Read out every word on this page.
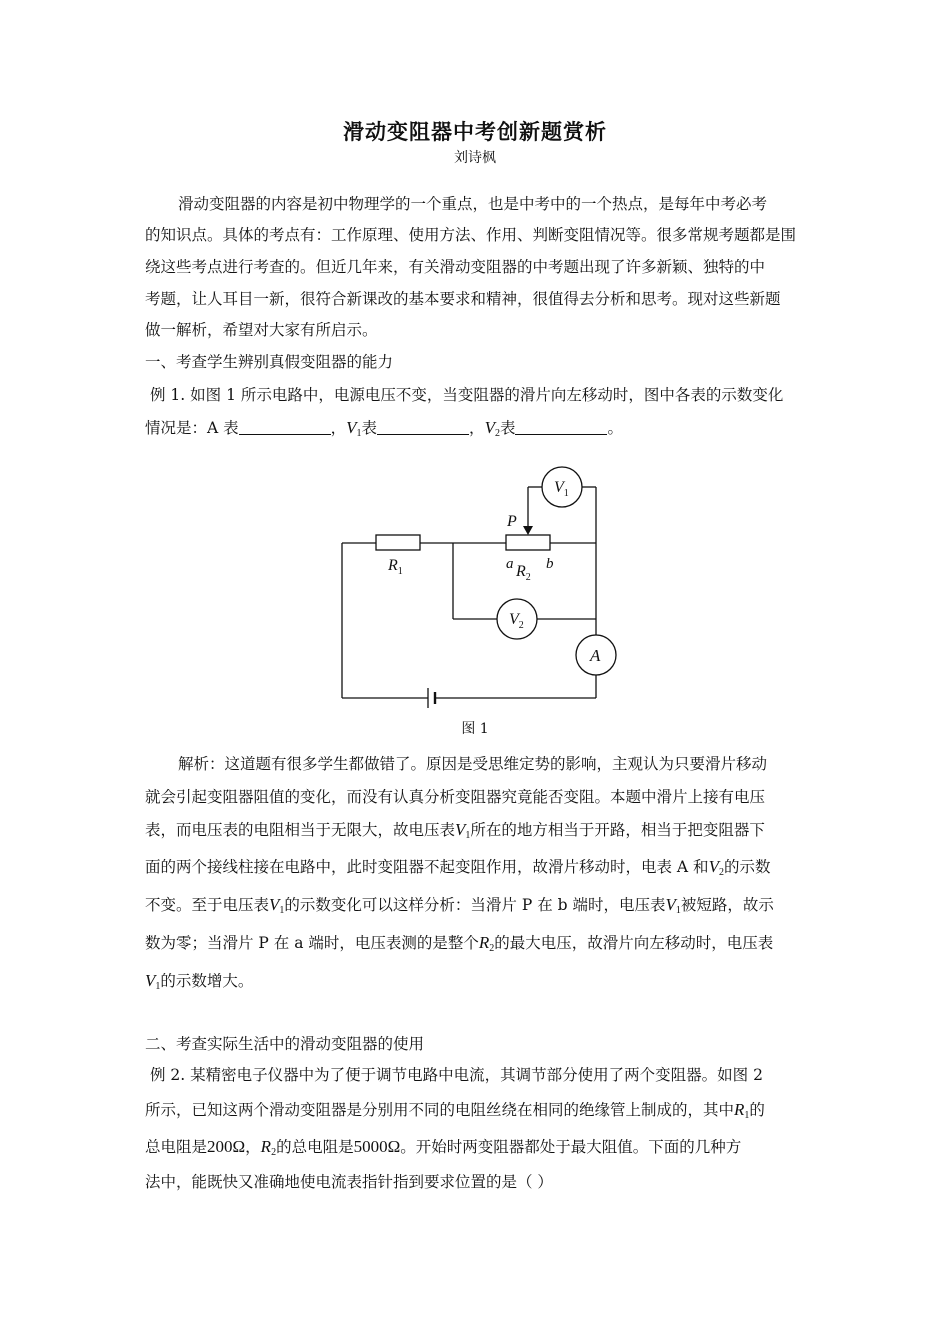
滑动变阻器中考创新题赏析
刘诗枫
滑动变阻器的内容是初中物理学的一个重点，也是中考中的一个热点，是每年中考必考
的知识点。具体的考点有：工作原理、使用方法、作用、判断变阻情况等。很多常规考题都是围
绕这些考点进行考查的。但近几年来，有关滑动变阻器的中考题出现了许多新颖、独特的中
考题，让人耳目一新，很符合新课改的基本要求和精神，很值得去分析和思考。现对这些新题
做一解析，希望对大家有所启示。
一、考查学生辨别真假变阻器的能力
例 1. 如图 1 所示电路中，电源电压不变，当变阻器的滑片向左移动时，图中各表的示数变化
情况是：A 表	，$V_1$表	，$V_2$表	。
$R_1$	a b
$R_2$
P
$V_1$
$V_2$
A
图 1
解析：这道题有很多学生都做错了。原因是受思维定势的影响，主观认为只要滑片移动
就会引起变阻器阻值的变化，而没有认真分析变阻器究竟能否变阻。本题中滑片上接有电压
表，而电压表的电阻相当于无限大，故电压表$V_1$所在的地方相当于开路，相当于把变阻器下
面的两个接线柱接在电路中，此时变阻器不起变阻作用，故滑片移动时，电表 A 和$V_2$的示数
不变。至于电压表$V_1$的示数变化可以这样分析：当滑片 P 在 b 端时，电压表$V_1$被短路，故示
数为零；当滑片 P 在 a 端时，电压表测的是整个$R_2$的最大电压，故滑片向左移动时，电压表
$V_1$的示数增大。
二、考查实际生活中的滑动变阻器的使用
例 2. 某精密电子仪器中为了便于调节电路中电流，其调节部分使用了两个变阻器。如图 2
所示，已知这两个滑动变阻器是分别用不同的电阻丝绕在相同的绝缘管上制成的，其中$R_1$的
总电阻是200Ω，$R_2$的总电阻是5000Ω。开始时两变阻器都处于最大阻值。下面的几种方
法中，能既快又准确地使电流表指针指到要求位置的是（ ）
